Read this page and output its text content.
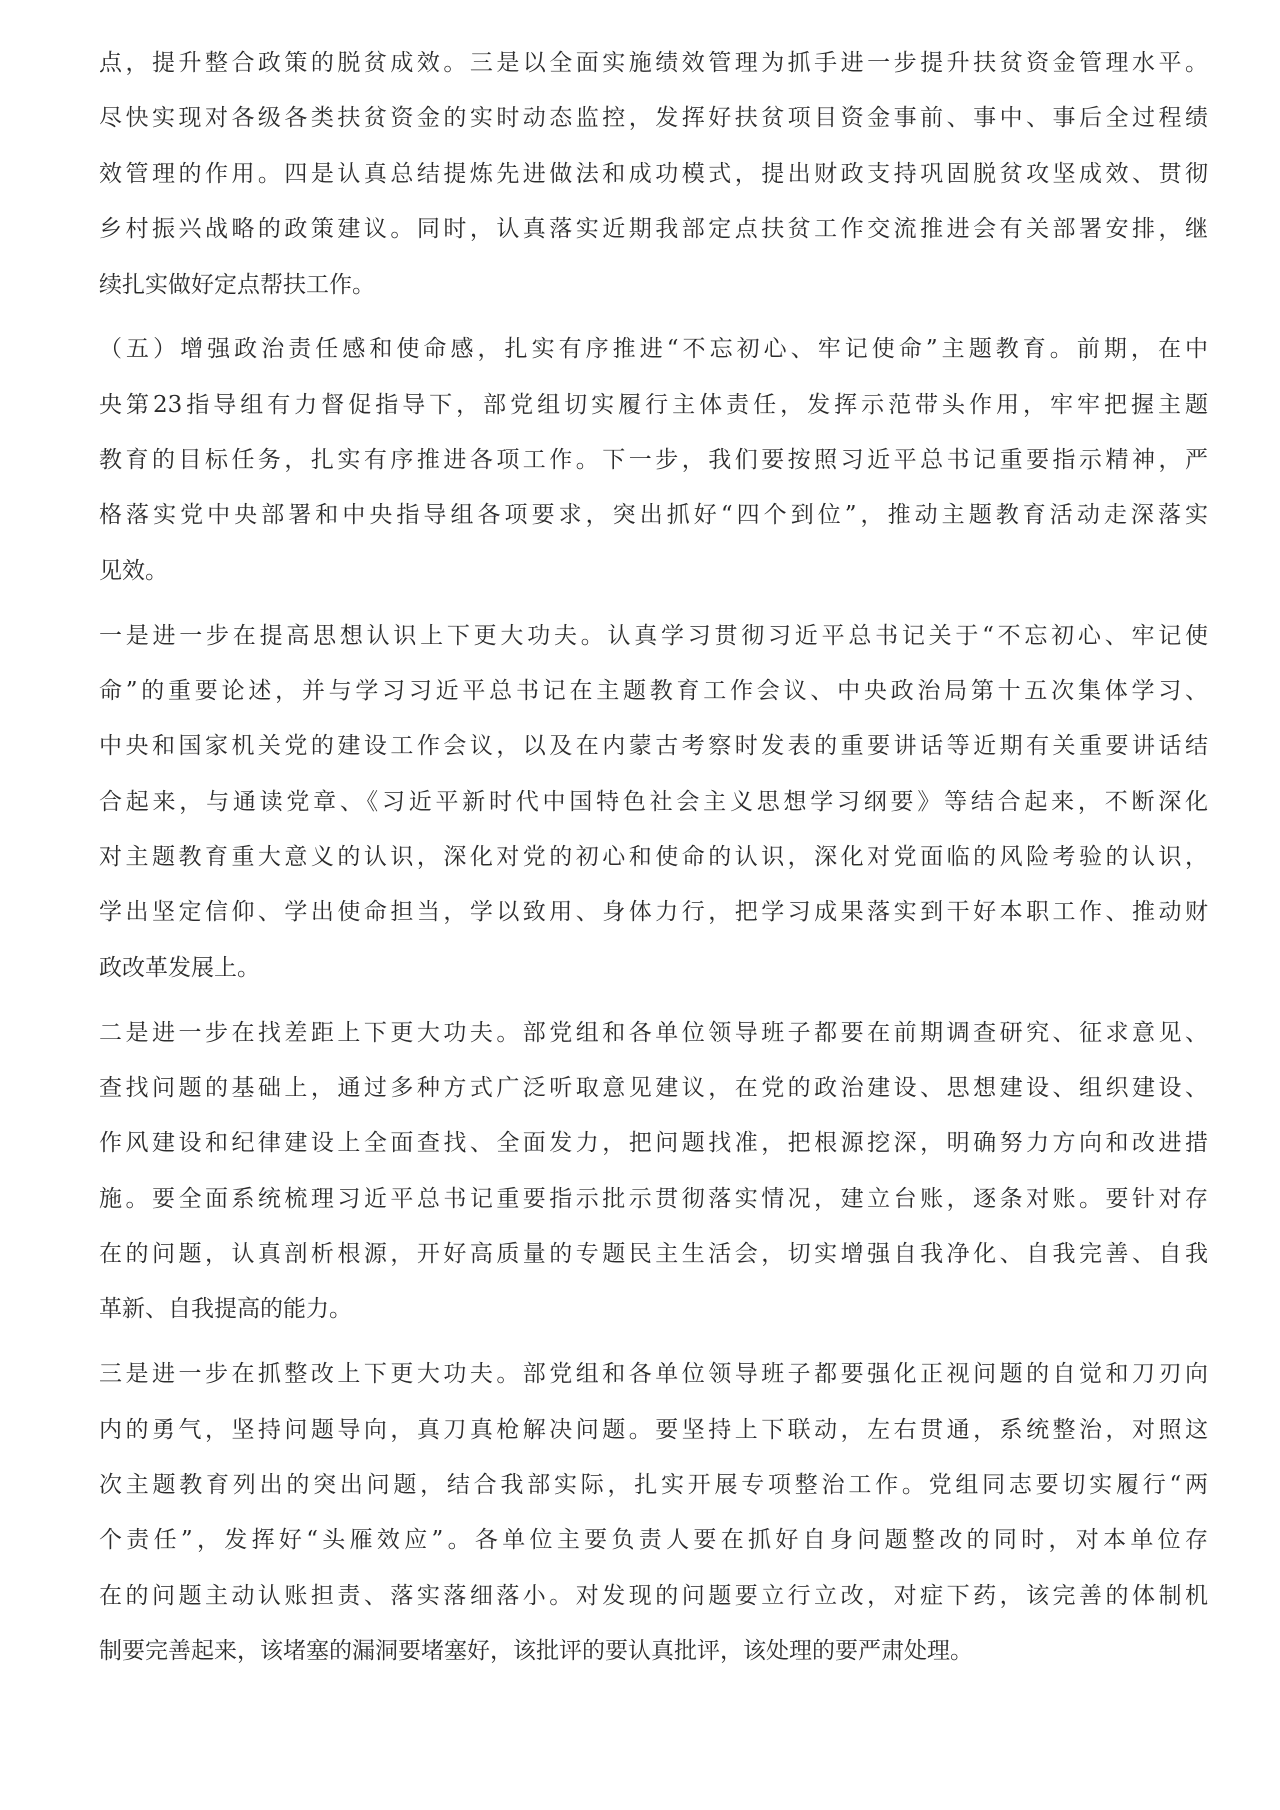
点，提升整合政策的脱贫成效。三是以全面实施绩效管理为抓手进一步提升扶贫资金管理水平。
尽快实现对各级各类扶贫资金的实时动态监控，发挥好扶贫项目资金事前、事中、事后全过程绩
效管理的作用。四是认真总结提炼先进做法和成功模式，提出财政支持巩固脱贫攻坚成效、贯彻
乡村振兴战略的政策建议。同时，认真落实近期我部定点扶贫工作交流推进会有关部署安排，继
续扎实做好定点帮扶工作。
（五）增强政治责任感和使命感，扎实有序推进“不忘初心、牢记使命”主题教育。前期，在中
央第23指导组有力督促指导下，部党组切实履行主体责任，发挥示范带头作用，牢牢把握主题
教育的目标任务，扎实有序推进各项工作。下一步，我们要按照习近平总书记重要指示精神，严
格落实党中央部署和中央指导组各项要求，突出抓好“四个到位”，推动主题教育活动走深落实
见效。
一是进一步在提高思想认识上下更大功夫。认真学习贯彻习近平总书记关于“不忘初心、牢记使
命”的重要论述，并与学习习近平总书记在主题教育工作会议、中央政治局第十五次集体学习、
中央和国家机关党的建设工作会议，以及在内蒙古考察时发表的重要讲话等近期有关重要讲话结
合起来，与通读党章、《习近平新时代中国特色社会主义思想学习纲要》等结合起来，不断深化
对主题教育重大意义的认识，深化对党的初心和使命的认识，深化对党面临的风险考验的认识，
学出坚定信仰、学出使命担当，学以致用、身体力行，把学习成果落实到干好本职工作、推动财
政改革发展上。
二是进一步在找差距上下更大功夫。部党组和各单位领导班子都要在前期调查研究、征求意见、
查找问题的基础上，通过多种方式广泛听取意见建议，在党的政治建设、思想建设、组织建设、
作风建设和纪律建设上全面查找、全面发力，把问题找准，把根源挖深，明确努力方向和改进措
施。要全面系统梳理习近平总书记重要指示批示贯彻落实情况，建立台账，逐条对账。要针对存
在的问题，认真剖析根源，开好高质量的专题民主生活会，切实增强自我净化、自我完善、自我
革新、自我提高的能力。
三是进一步在抓整改上下更大功夫。部党组和各单位领导班子都要强化正视问题的自觉和刀刃向
内的勇气，坚持问题导向，真刀真枪解决问题。要坚持上下联动，左右贯通，系统整治，对照这
次主题教育列出的突出问题，结合我部实际，扎实开展专项整治工作。党组同志要切实履行“两
个责任”，发挥好“头雁效应”。各单位主要负责人要在抓好自身问题整改的同时，对本单位存
在的问题主动认账担责、落实落细落小。对发现的问题要立行立改，对症下药，该完善的体制机
制要完善起来，该堵塞的漏洞要堵塞好，该批评的要认真批评，该处理的要严肃处理。
